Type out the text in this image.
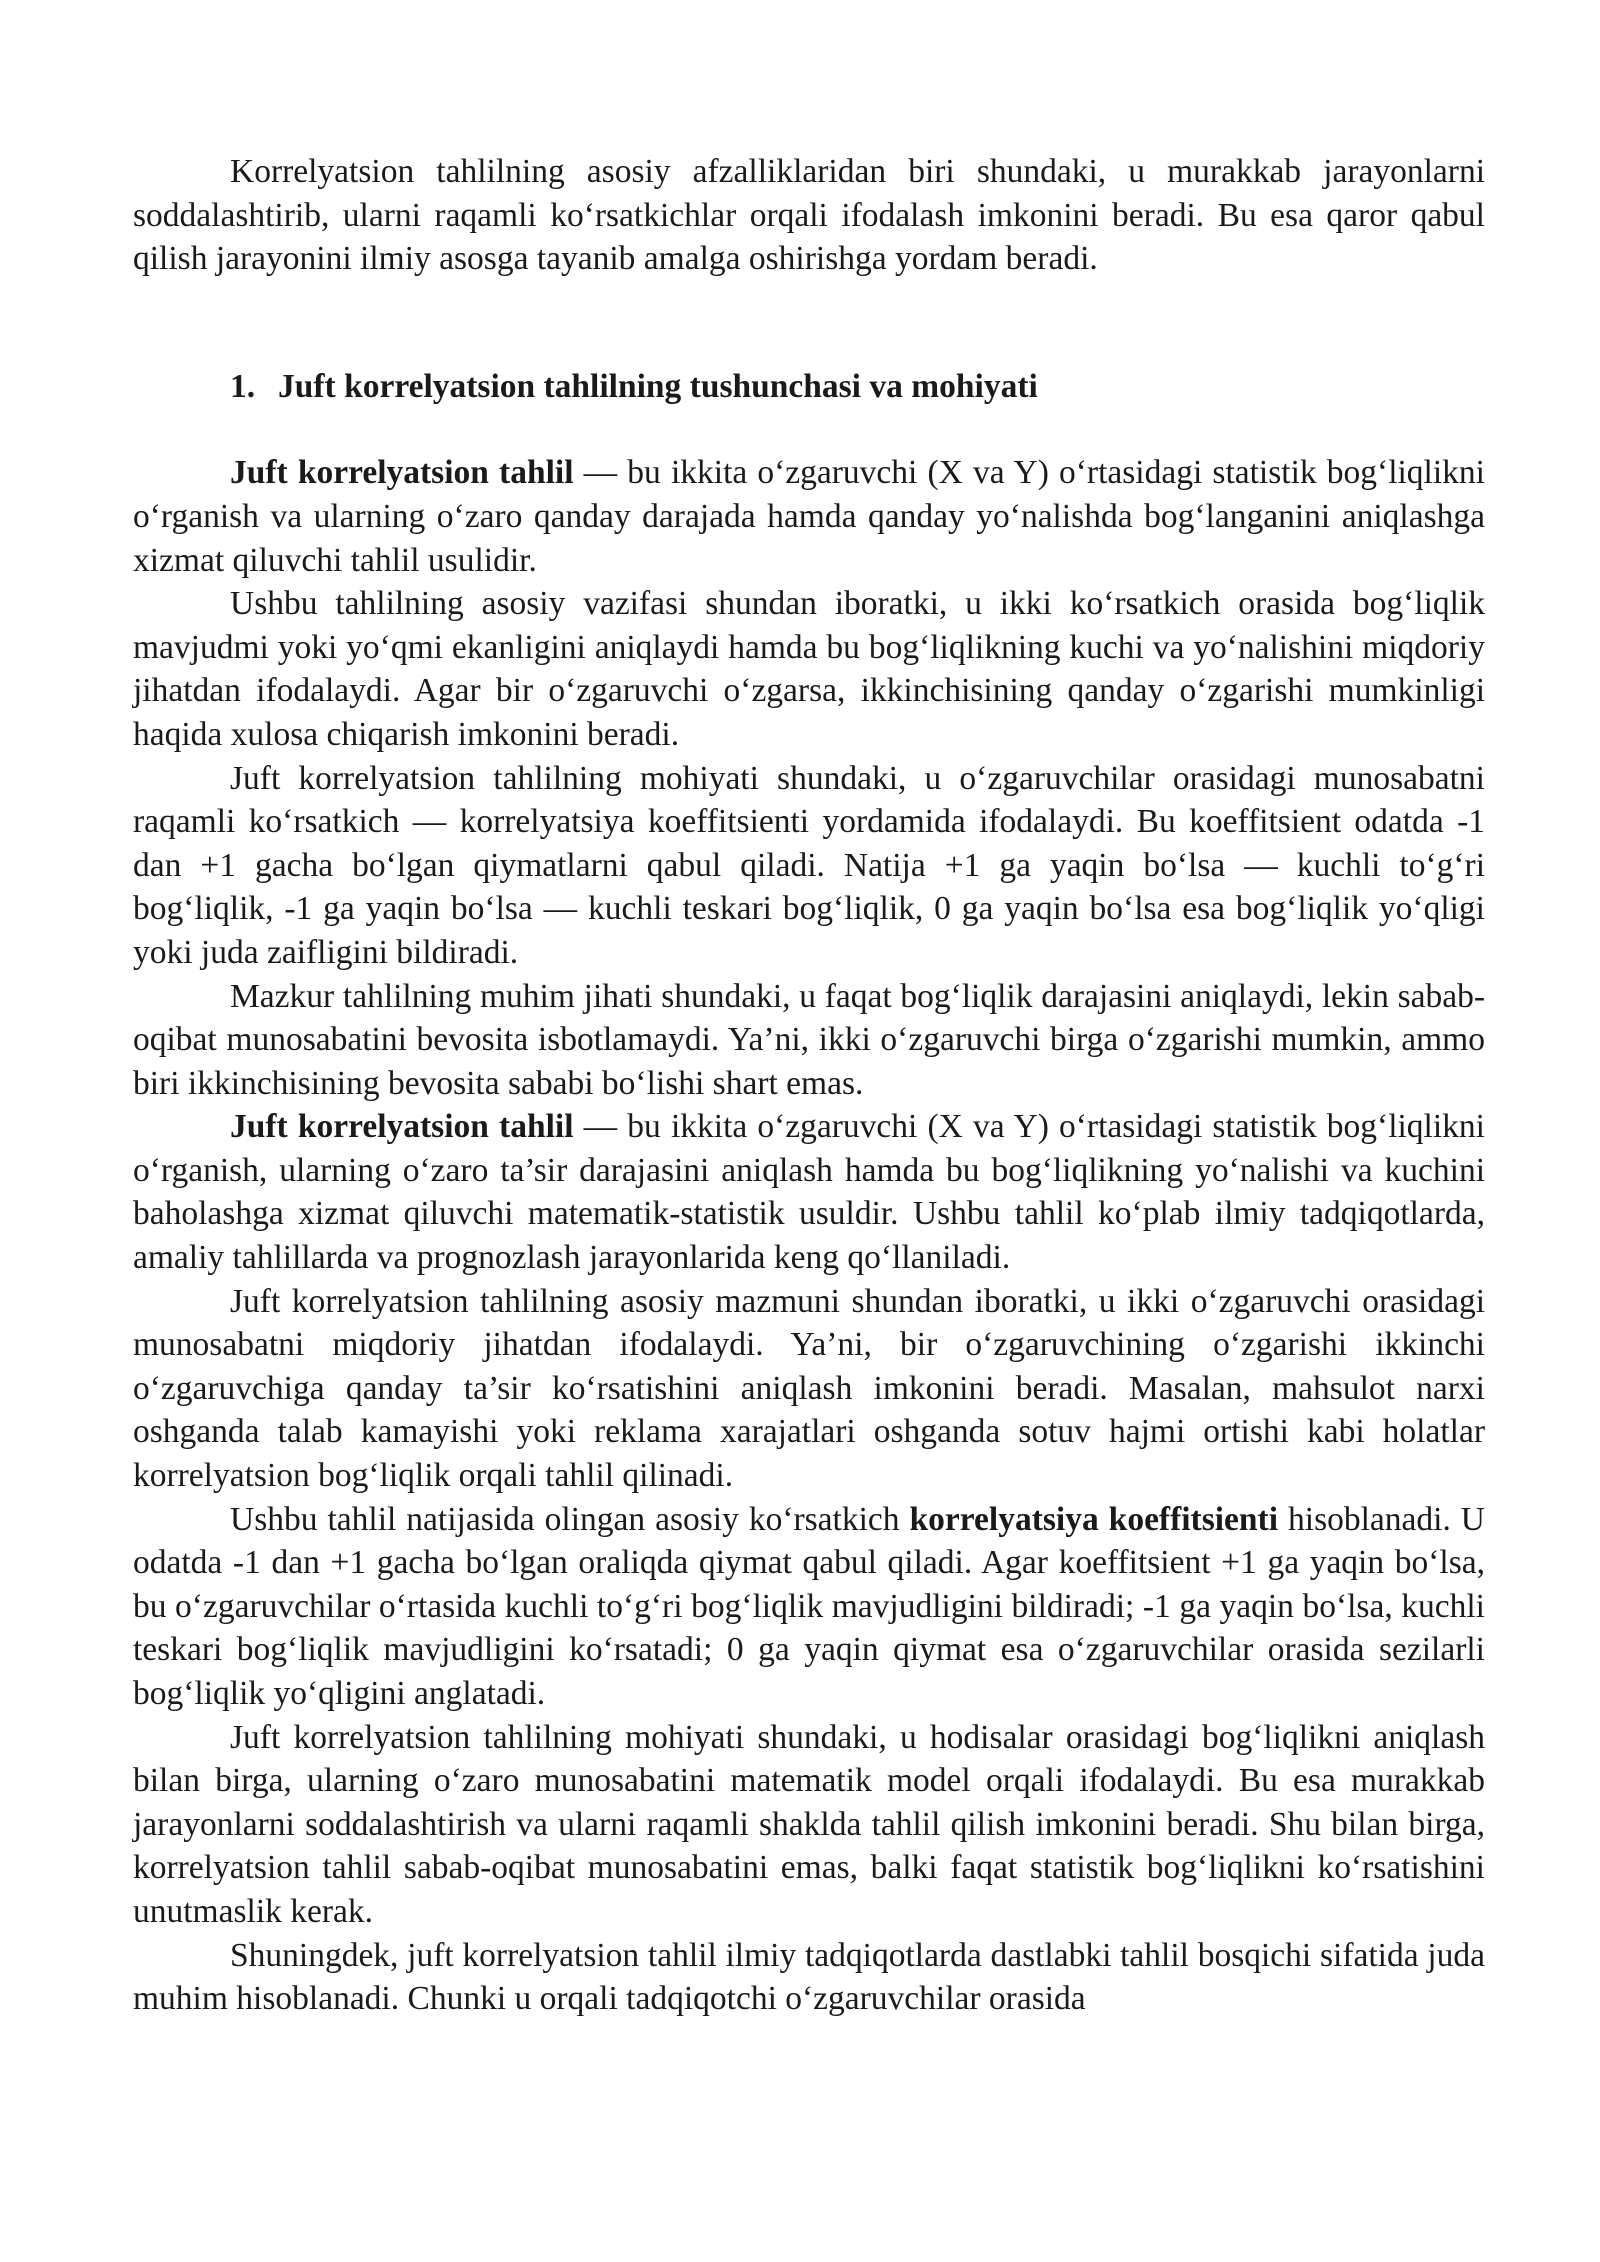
Korrelyatsion tahlilning asosiy afzalliklaridan biri shundaki, u murakkab jarayonlarni soddalashtirib, ularni raqamli ko‘rsatkichlar orqali ifodalash imkonini beradi. Bu esa qaror qabul qilish jarayonini ilmiy asosga tayanib amalga oshirishga yordam beradi.

1. Juft korrelyatsion tahlilning tushunchasi va mohiyati

Juft korrelyatsion tahlil — bu ikkita o‘zgaruvchi (X va Y) o‘rtasidagi statistik bog‘liqlikni o‘rganish va ularning o‘zaro qanday darajada hamda qanday yo‘nalishda bog‘langanini aniqlashga xizmat qiluvchi tahlil usulidir.

Ushbu tahlilning asosiy vazifasi shundan iboratki, u ikki ko‘rsatkich orasida bog‘liqlik mavjudmi yoki yo‘qmi ekanligini aniqlaydi hamda bu bog‘liqlikning kuchi va yo‘nalishini miqdoriy jihatdan ifodalaydi. Agar bir o‘zgaruvchi o‘zgarsa, ikkinchisining qanday o‘zgarishi mumkinligi haqida xulosa chiqarish imkonini beradi.

Juft korrelyatsion tahlilning mohiyati shundaki, u o‘zgaruvchilar orasidagi munosabatni raqamli ko‘rsatkich — korrelyatsiya koeffitsienti yordamida ifodalaydi. Bu koeffitsient odatda -1 dan +1 gacha bo‘lgan qiymatlarni qabul qiladi. Natija +1 ga yaqin bo‘lsa — kuchli to‘g‘ri bog‘liqlik, -1 ga yaqin bo‘lsa — kuchli teskari bog‘liqlik, 0 ga yaqin bo‘lsa esa bog‘liqlik yo‘qligi yoki juda zaifligini bildiradi.

Mazkur tahlilning muhim jihati shundaki, u faqat bog‘liqlik darajasini aniqlaydi, lekin sabab-oqibat munosabatini bevosita isbotlamaydi. Ya’ni, ikki o‘zgaruvchi birga o‘zgarishi mumkin, ammo biri ikkinchisining bevosita sababi bo‘lishi shart emas.

Juft korrelyatsion tahlil — bu ikkita o‘zgaruvchi (X va Y) o‘rtasidagi statistik bog‘liqlikni o‘rganish, ularning o‘zaro ta’sir darajasini aniqlash hamda bu bog‘liqlikning yo‘nalishi va kuchini baholashga xizmat qiluvchi matematik-statistik usuldir. Ushbu tahlil ko‘plab ilmiy tadqiqotlarda, amaliy tahlillarda va prognozlash jarayonlarida keng qo‘llaniladi.

Juft korrelyatsion tahlilning asosiy mazmuni shundan iboratki, u ikki o‘zgaruvchi orasidagi munosabatni miqdoriy jihatdan ifodalaydi. Ya’ni, bir o‘zgaruvchining o‘zgarishi ikkinchi o‘zgaruvchiga qanday ta’sir ko‘rsatishini aniqlash imkonini beradi. Masalan, mahsulot narxi oshganda talab kamayishi yoki reklama xarajatlari oshganda sotuv hajmi ortishi kabi holatlar korrelyatsion bog‘liqlik orqali tahlil qilinadi.

Ushbu tahlil natijasida olingan asosiy ko‘rsatkich korrelyatsiya koeffitsienti hisoblanadi. U odatda -1 dan +1 gacha bo‘lgan oraliqda qiymat qabul qiladi. Agar koeffitsient +1 ga yaqin bo‘lsa, bu o‘zgaruvchilar o‘rtasida kuchli to‘g‘ri bog‘liqlik mavjudligini bildiradi; -1 ga yaqin bo‘lsa, kuchli teskari bog‘liqlik mavjudligini ko‘rsatadi; 0 ga yaqin qiymat esa o‘zgaruvchilar orasida sezilarli bog‘liqlik yo‘qligini anglatadi.

Juft korrelyatsion tahlilning mohiyati shundaki, u hodisalar orasidagi bog‘liqlikni aniqlash bilan birga, ularning o‘zaro munosabatini matematik model orqali ifodalaydi. Bu esa murakkab jarayonlarni soddalashtirish va ularni raqamli shaklda tahlil qilish imkonini beradi. Shu bilan birga, korrelyatsion tahlil sabab-oqibat munosabatini emas, balki faqat statistik bog‘liqlikni ko‘rsatishini unutmaslik kerak.

Shuningdek, juft korrelyatsion tahlil ilmiy tadqiqotlarda dastlabki tahlil bosqichi sifatida juda muhim hisoblanadi. Chunki u orqali tadqiqotchi o‘zgaruvchilar orasida
